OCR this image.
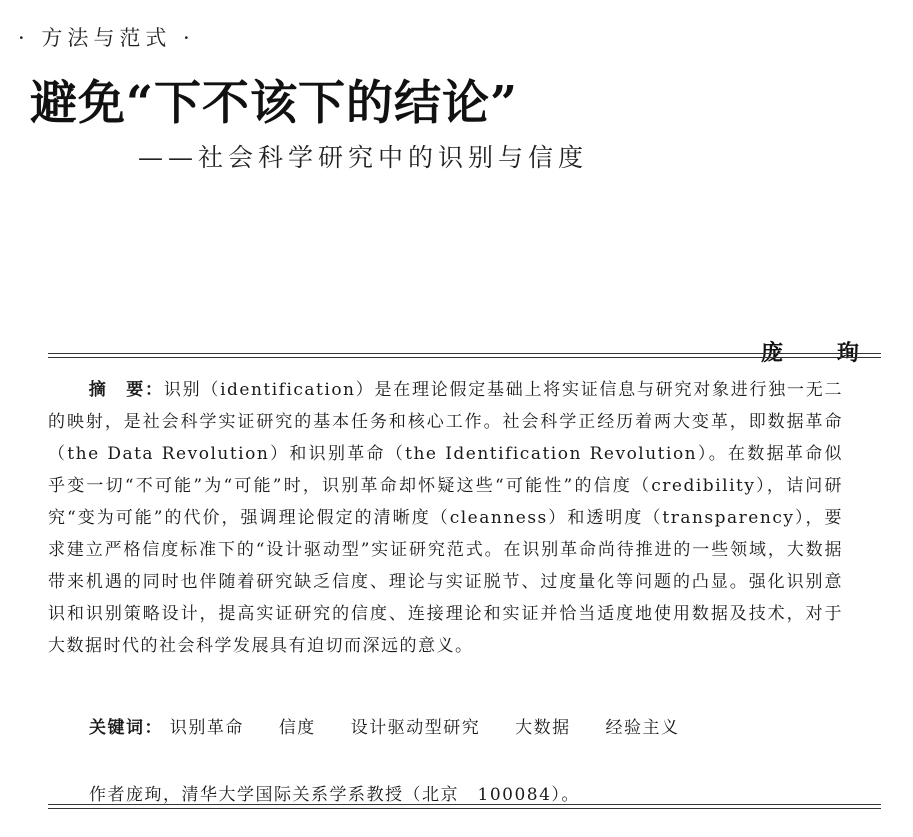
· 方法与范式 ·
避免“下不该下的结论”
——社会科学研究中的识别与信度
庞珣

摘　要：识别（identification）是在理论假定基础上将实证信息与研究对象进行独一无二的映射，是社会科学实证研究的基本任务和核心工作。社会科学正经历着两大变革，即数据革命（the Data Revolution）和识别革命（the Identification Revolution）。在数据革命似乎变一切“不可能”为“可能”时，识别革命却怀疑这些“可能性”的信度（credibility），诘问研究“变为可能”的代价，强调理论假定的清晰度（cleanness）和透明度（transparency），要求建立严格信度标准下的“设计驱动型”实证研究范式。在识别革命尚待推进的一些领域，大数据带来机遇的同时也伴随着研究缺乏信度、理论与实证脱节、过度量化等问题的凸显。强化识别意识和识别策略设计，提高实证研究的信度、连接理论和实证并恰当适度地使用数据及技术，对于大数据时代的社会科学发展具有迫切而深远的意义。

关键词： 识别革命 信度 设计驱动型研究 大数据 经验主义
作者庞珣，清华大学国际关系学系教授（北京　100084）。
